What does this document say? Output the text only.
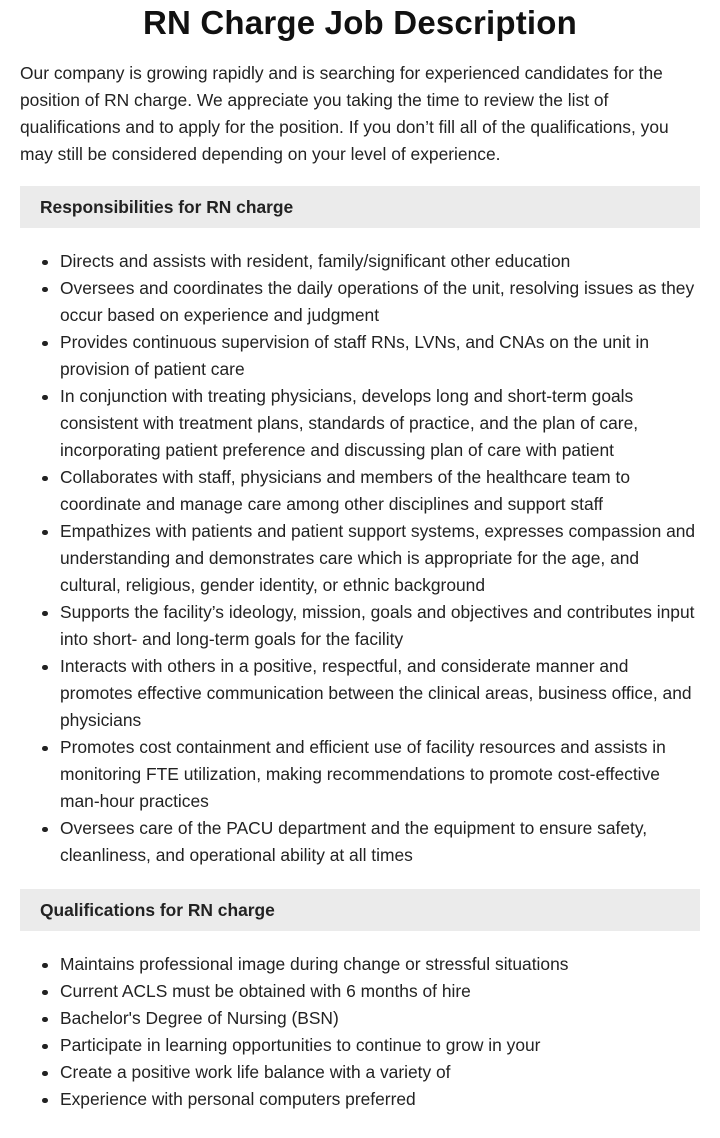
RN Charge Job Description

Our company is growing rapidly and is searching for experienced candidates for the position of RN charge. We appreciate you taking the time to review the list of qualifications and to apply for the position. If you don’t fill all of the qualifications, you may still be considered depending on your level of experience.

Responsibilities for RN charge
Directs and assists with resident, family/significant other education
Oversees and coordinates the daily operations of the unit, resolving issues as they occur based on experience and judgment
Provides continuous supervision of staff RNs, LVNs, and CNAs on the unit in provision of patient care
In conjunction with treating physicians, develops long and short-term goals consistent with treatment plans, standards of practice, and the plan of care, incorporating patient preference and discussing plan of care with patient
Collaborates with staff, physicians and members of the healthcare team to coordinate and manage care among other disciplines and support staff
Empathizes with patients and patient support systems, expresses compassion and understanding and demonstrates care which is appropriate for the age, and cultural, religious, gender identity, or ethnic background
Supports the facility’s ideology, mission, goals and objectives and contributes input into short- and long-term goals for the facility
Interacts with others in a positive, respectful, and considerate manner and promotes effective communication between the clinical areas, business office, and physicians
Promotes cost containment and efficient use of facility resources and assists in monitoring FTE utilization, making recommendations to promote cost-effective man-hour practices
Oversees care of the PACU department and the equipment to ensure safety, cleanliness, and operational ability at all times
Qualifications for RN charge
Maintains professional image during change or stressful situations
Current ACLS must be obtained with 6 months of hire
Bachelor's Degree of Nursing (BSN)
Participate in learning opportunities to continue to grow in your
Create a positive work life balance with a variety of
Experience with personal computers preferred
